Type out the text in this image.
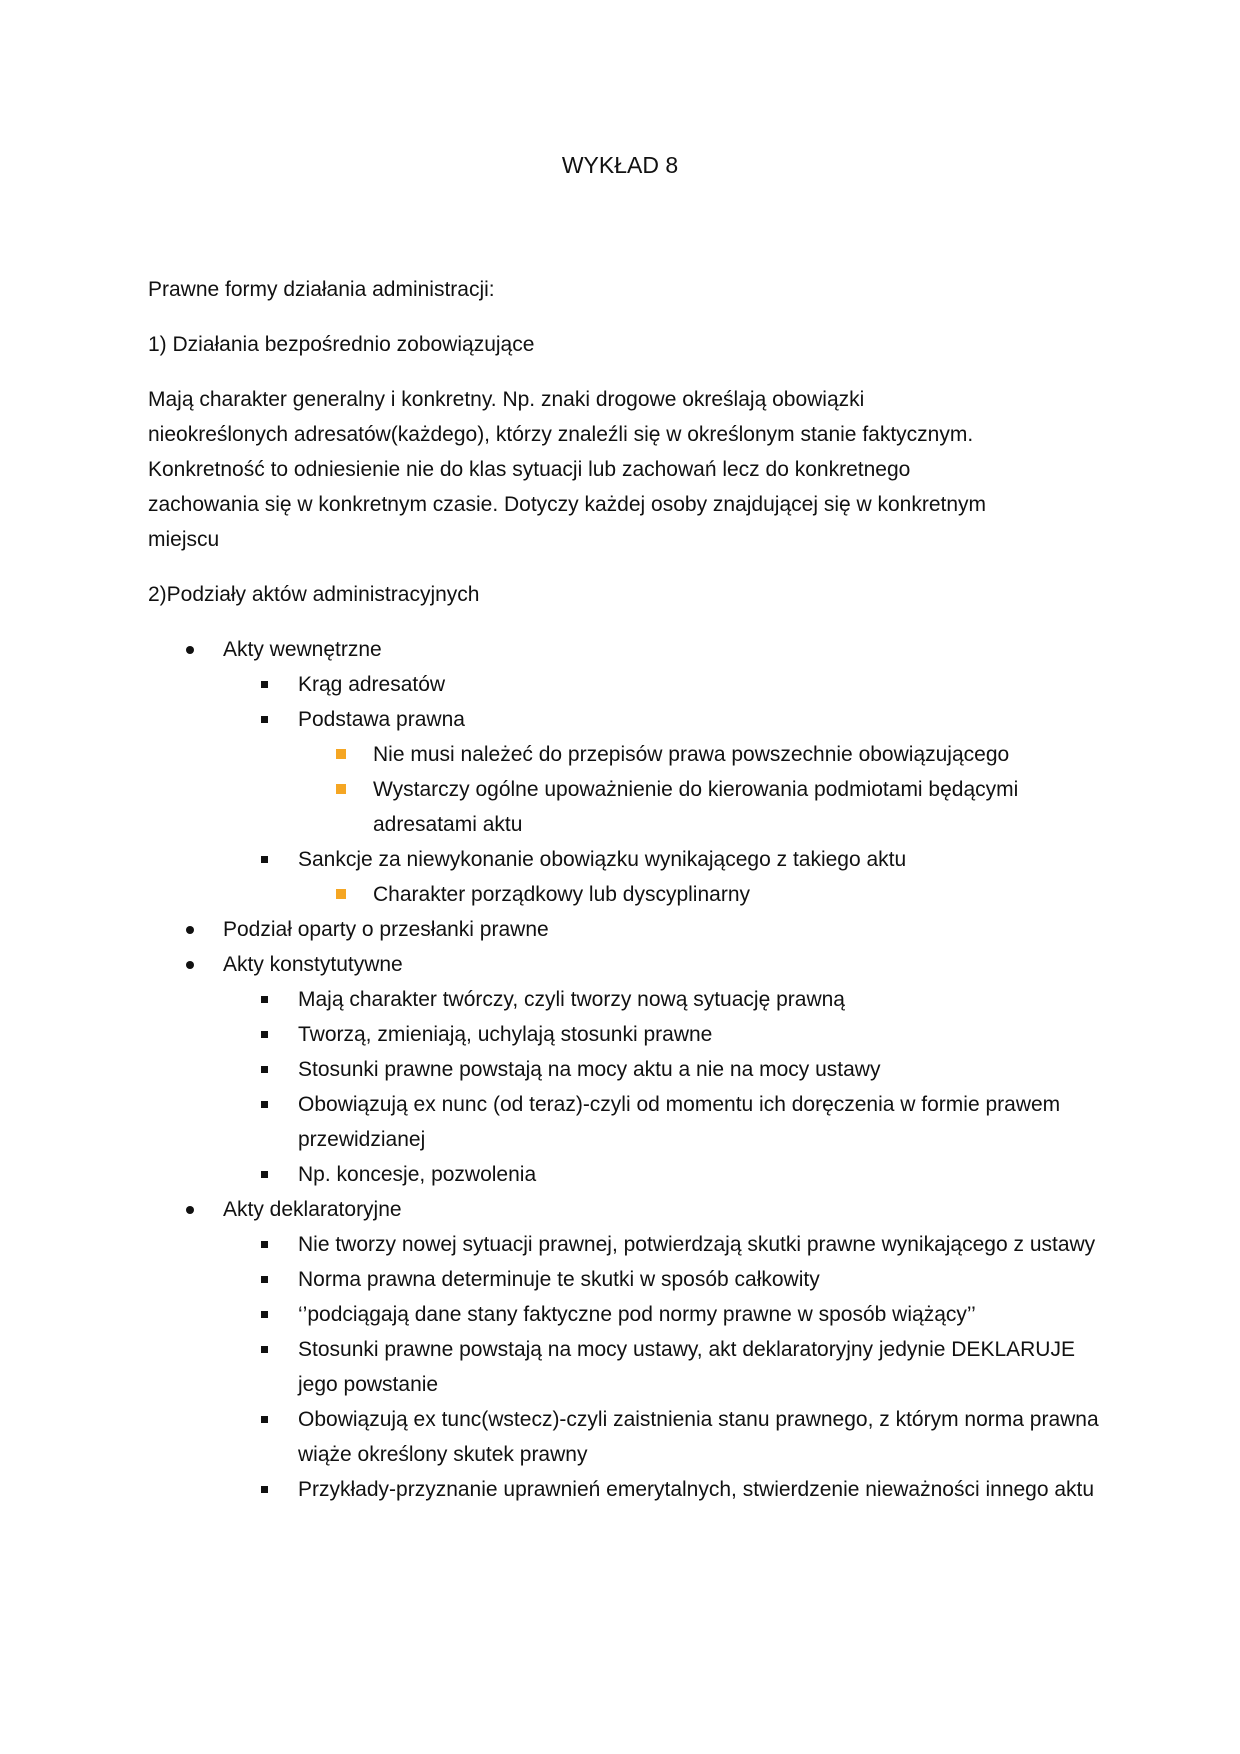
WYKŁAD 8

Prawne formy działania administracji:

1) Działania bezpośrednio zobowiązujące

Mają charakter generalny i konkretny. Np. znaki drogowe określają obowiązki
nieokreślonych adresatów(każdego), którzy znaleźli się w określonym stanie faktycznym.
Konkretność to odniesienie nie do klas sytuacji lub zachowań lecz do konkretnego
zachowania się w konkretnym czasie. Dotyczy każdej osoby znajdującej się w konkretnym
miejscu

2)Podziały aktów administracyjnych

Akty wewnętrzne
Krąg adresatów
Podstawa prawna
Nie musi należeć do przepisów prawa powszechnie obowiązującego
Wystarczy ogólne upoważnienie do kierowania podmiotami będącymi adresatami aktu
Sankcje za niewykonanie obowiązku wynikającego z takiego aktu
Charakter porządkowy lub dyscyplinarny
Podział oparty o przesłanki prawne
Akty konstytutywne
Mają charakter twórczy, czyli tworzy nową sytuację prawną
Tworzą, zmieniają, uchylają stosunki prawne
Stosunki prawne powstają na mocy aktu a nie na mocy ustawy
Obowiązują ex nunc (od teraz)-czyli od momentu ich doręczenia w formie prawem przewidzianej
Np. koncesje, pozwolenia
Akty deklaratoryjne
Nie tworzy nowej sytuacji prawnej, potwierdzają skutki prawne wynikającego z ustawy
Norma prawna determinuje te skutki w sposób całkowity
‘’podciągają dane stany faktyczne pod normy prawne w sposób wiążący’’
Stosunki prawne powstają na mocy ustawy, akt deklaratoryjny jedynie DEKLARUJE jego powstanie
Obowiązują ex tunc(wstecz)-czyli zaistnienia stanu prawnego, z którym norma prawna wiąże określony skutek prawny
Przykłady-przyznanie uprawnień emerytalnych, stwierdzenie nieważności innego aktu
